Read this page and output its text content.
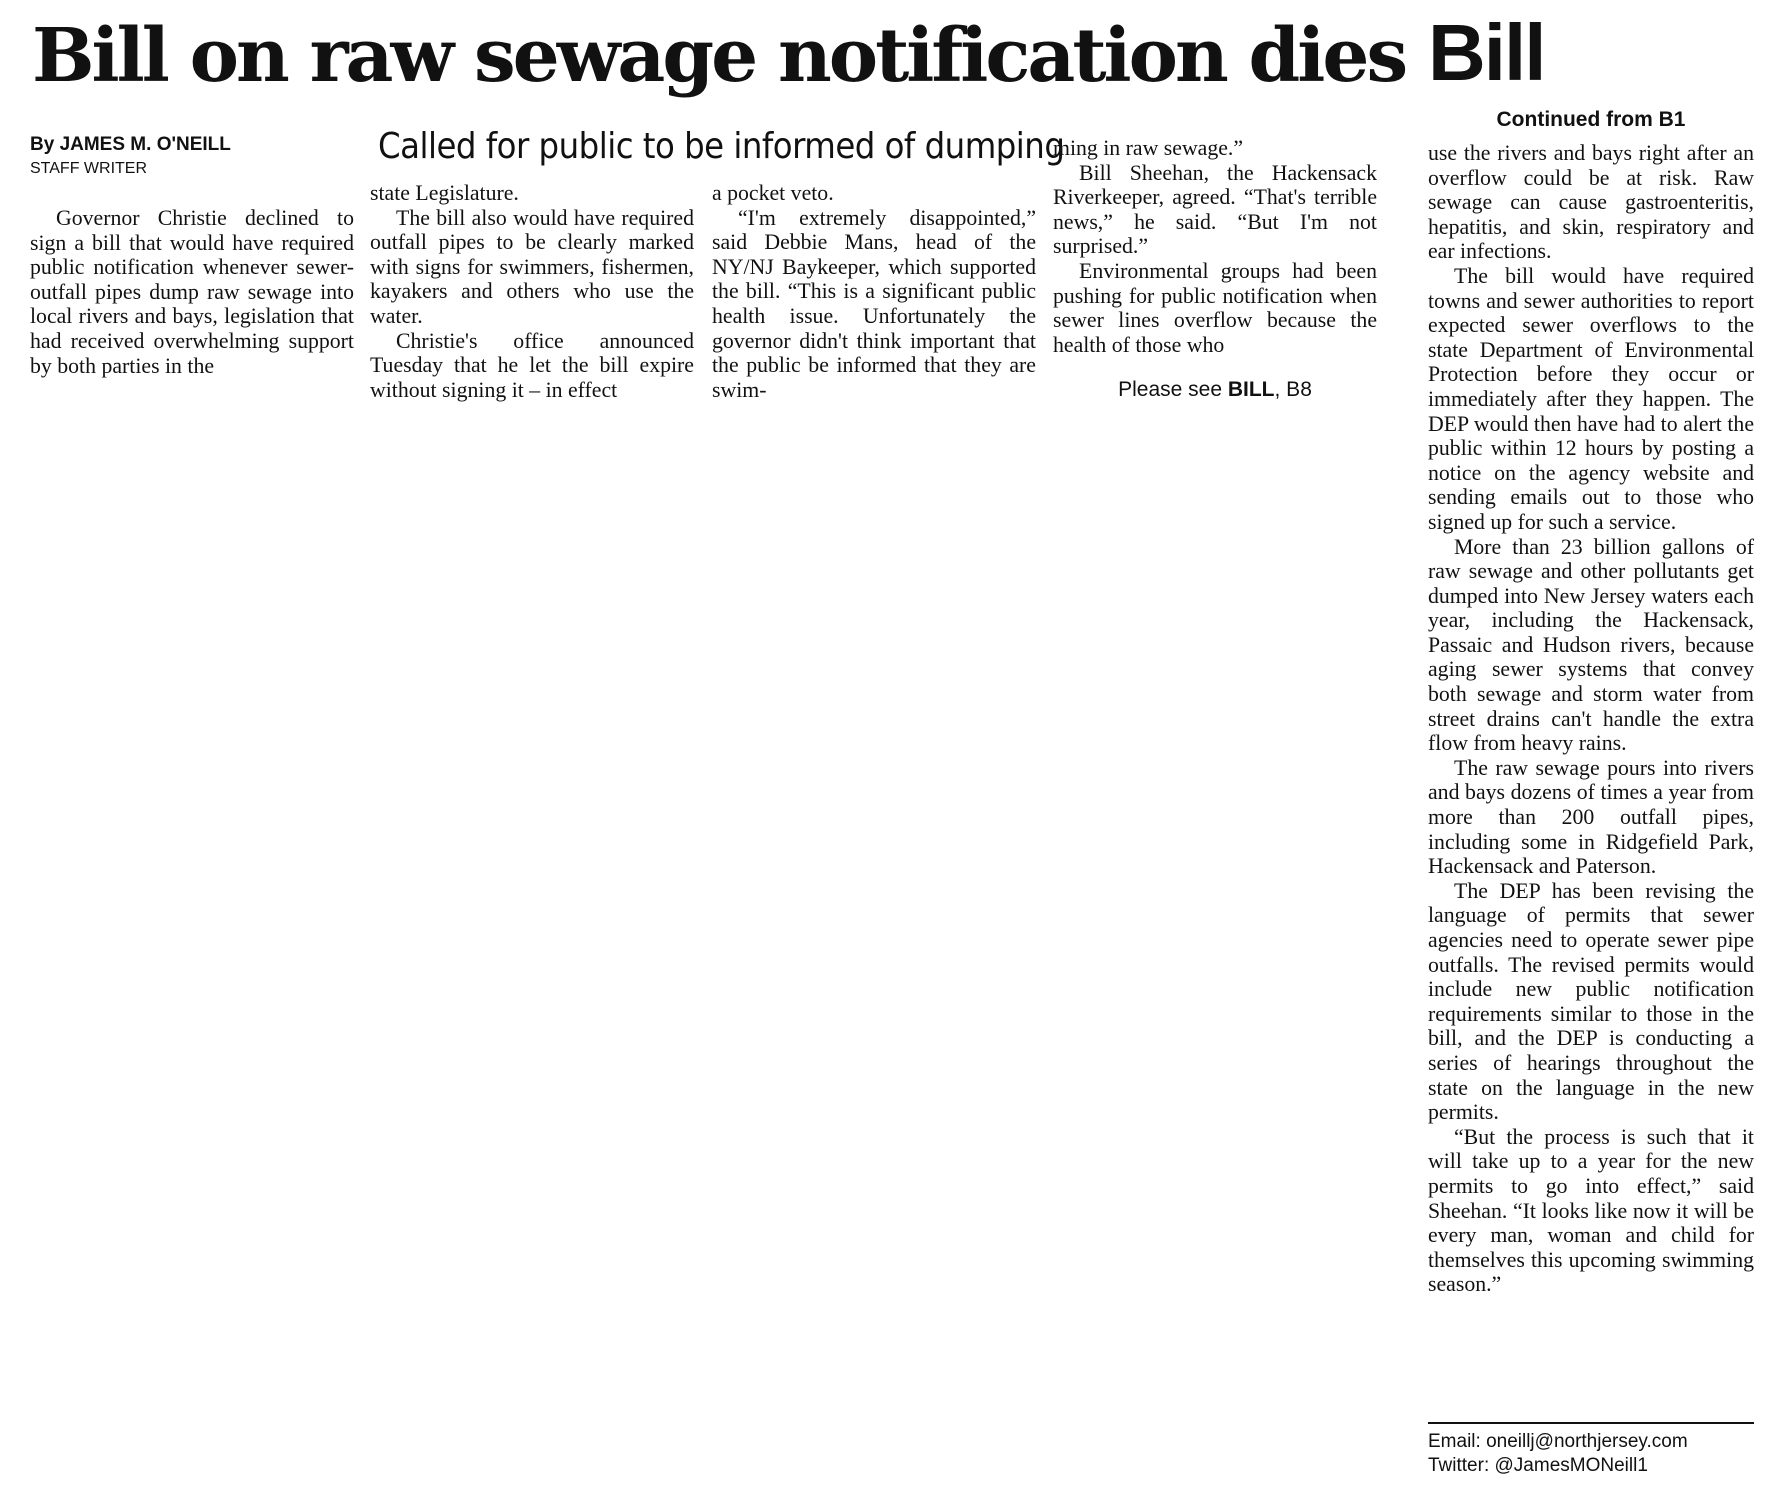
Bill on raw sewage notification dies
By JAMES M. O'NEILL
STAFF WRITER
Called for public to be informed of dumping

Governor Christie declined to sign a bill that would have required public notification whenever sewer-outfall pipes dump raw sewage into local rivers and bays, legislation that had received overwhelming support by both parties in the

state Legislature.

The bill also would have required outfall pipes to be clearly marked with signs for swimmers, fishermen, kayakers and others who use the water.

Christie's office announced Tuesday that he let the bill expire without signing it – in effect

a pocket veto.

“I'm extremely disappointed,” said Debbie Mans, head of the NY/NJ Baykeeper, which supported the bill. “This is a significant public health issue. Unfortunately the governor didn't think important that the public be informed that they are swim-

ming in raw sewage.”

Bill Sheehan, the Hackensack Riverkeeper, agreed. “That's terrible news,” he said. “But I'm not surprised.”

Environmental groups had been pushing for public notification when sewer lines overflow because the health of those who

Please see BILL, B8
Bill
Continued from B1

use the rivers and bays right after an overflow could be at risk. Raw sewage can cause gastroenteritis, hepatitis, and skin, respiratory and ear infections.

The bill would have required towns and sewer authorities to report expected sewer overflows to the state Department of Environmental Protection before they occur or immediately after they happen. The DEP would then have had to alert the public within 12 hours by posting a notice on the agency website and sending emails out to those who signed up for such a service.

More than 23 billion gallons of raw sewage and other pollutants get dumped into New Jersey waters each year, including the Hackensack, Passaic and Hudson rivers, because aging sewer systems that convey both sewage and storm water from street drains can't handle the extra flow from heavy rains.

The raw sewage pours into rivers and bays dozens of times a year from more than 200 outfall pipes, including some in Ridgefield Park, Hackensack and Paterson.

The DEP has been revising the language of permits that sewer agencies need to operate sewer pipe outfalls. The revised permits would include new public notification requirements similar to those in the bill, and the DEP is conducting a series of hearings throughout the state on the language in the new permits.

“But the process is such that it will take up to a year for the new permits to go into effect,” said Sheehan. “It looks like now it will be every man, woman and child for themselves this upcoming swimming season.”

Email: oneillj@northjersey.com
Twitter: @JamesMONeill1
